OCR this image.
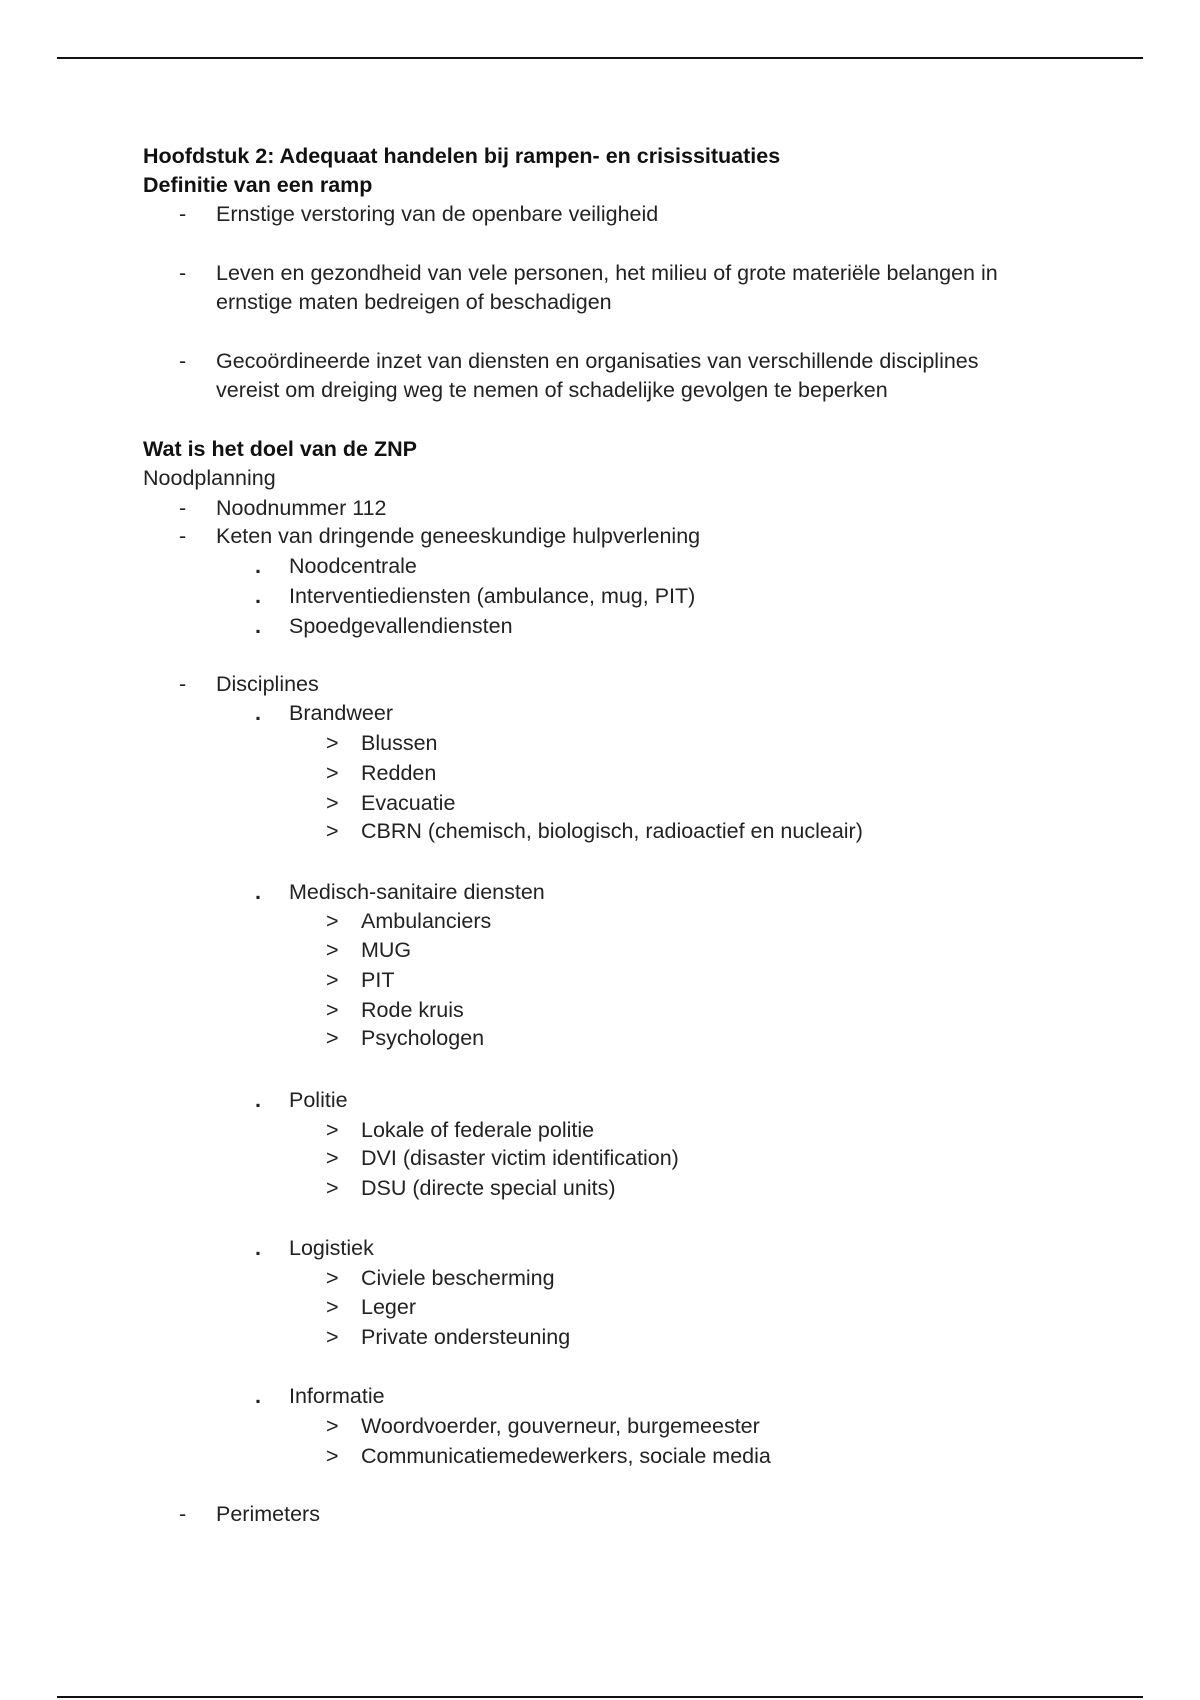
Hoofdstuk 2: Adequaat handelen bij rampen- en crisissituaties
Definitie van een ramp
-	Ernstige verstoring van de openbare veiligheid
-	Leven en gezondheid van vele personen, het milieu of grote materiële belangen in
ernstige maten bedreigen of beschadigen
-	Gecoördineerde inzet van diensten en organisaties van verschillende disciplines
vereist om dreiging weg te nemen of schadelijke gevolgen te beperken
Wat is het doel van de ZNP
Noodplanning
-	Noodnummer 112
-	Keten van dringende geneeskundige hulpverlening
.	Noodcentrale
.	Interventiediensten (ambulance, mug, PIT)
.	Spoedgevallendiensten
-	Disciplines
.	Brandweer
>	Blussen
>	Redden
>	Evacuatie
>	CBRN (chemisch, biologisch, radioactief en nucleair)
.	Medisch-sanitaire diensten
>	Ambulanciers
>	MUG
>	PIT
>	Rode kruis
>	Psychologen
.	Politie
>	Lokale of federale politie
>	DVI (disaster victim identification)
>	DSU (directe special units)
.	Logistiek
>	Civiele bescherming
>	Leger
>	Private ondersteuning
.	Informatie
>	Woordvoerder, gouverneur, burgemeester
>	Communicatiemedewerkers, sociale media
-	Perimeters
